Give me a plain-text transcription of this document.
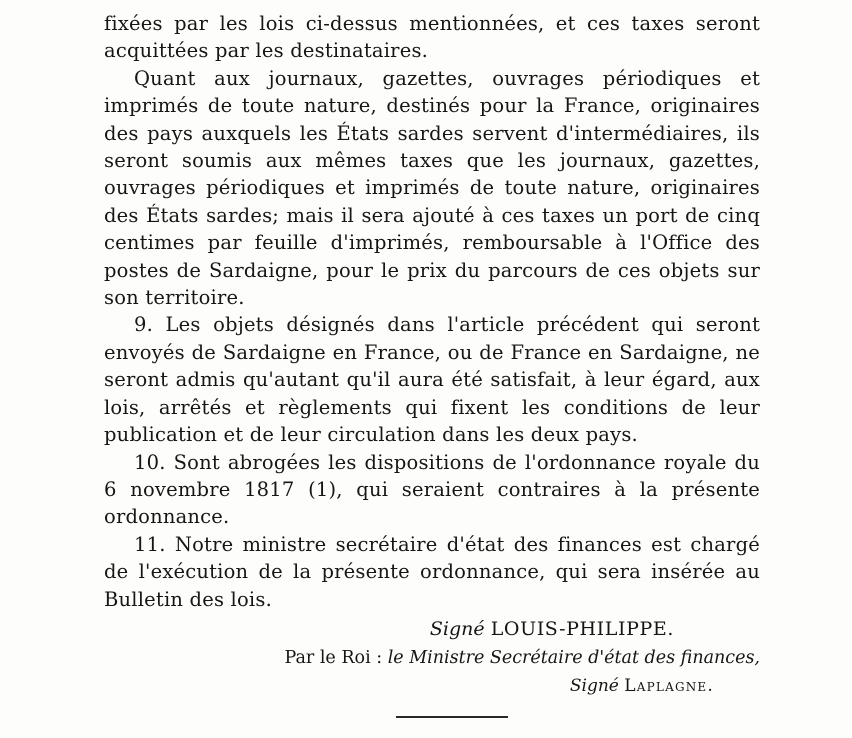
fixées par les lois ci-dessus mentionnées, et ces taxes seront acquittées par les destinataires.

Quant aux journaux, gazettes, ouvrages périodiques et imprimés de toute nature, destinés pour la France, originaires des pays auxquels les États sardes servent d'intermédiaires, ils seront soumis aux mêmes taxes que les journaux, gazettes, ouvrages périodiques et imprimés de toute nature, originaires des États sardes; mais il sera ajouté à ces taxes un port de cinq centimes par feuille d'imprimés, remboursable à l'Office des postes de Sardaigne, pour le prix du parcours de ces objets sur son territoire.

9. Les objets désignés dans l'article précédent qui seront envoyés de Sardaigne en France, ou de France en Sardaigne, ne seront admis qu'autant qu'il aura été satisfait, à leur égard, aux lois, arrêtés et règlements qui fixent les conditions de leur publication et de leur circulation dans les deux pays.

10. Sont abrogées les dispositions de l'ordonnance royale du 6 novembre 1817 (1), qui seraient contraires à la présente ordonnance.

11. Notre ministre secrétaire d'état des finances est chargé de l'exécution de la présente ordonnance, qui sera insérée au Bulletin des lois.

Signé LOUIS-PHILIPPE.
Par le Roi : le Ministre Secrétaire d'état des finances,
Signé Laplagne.
